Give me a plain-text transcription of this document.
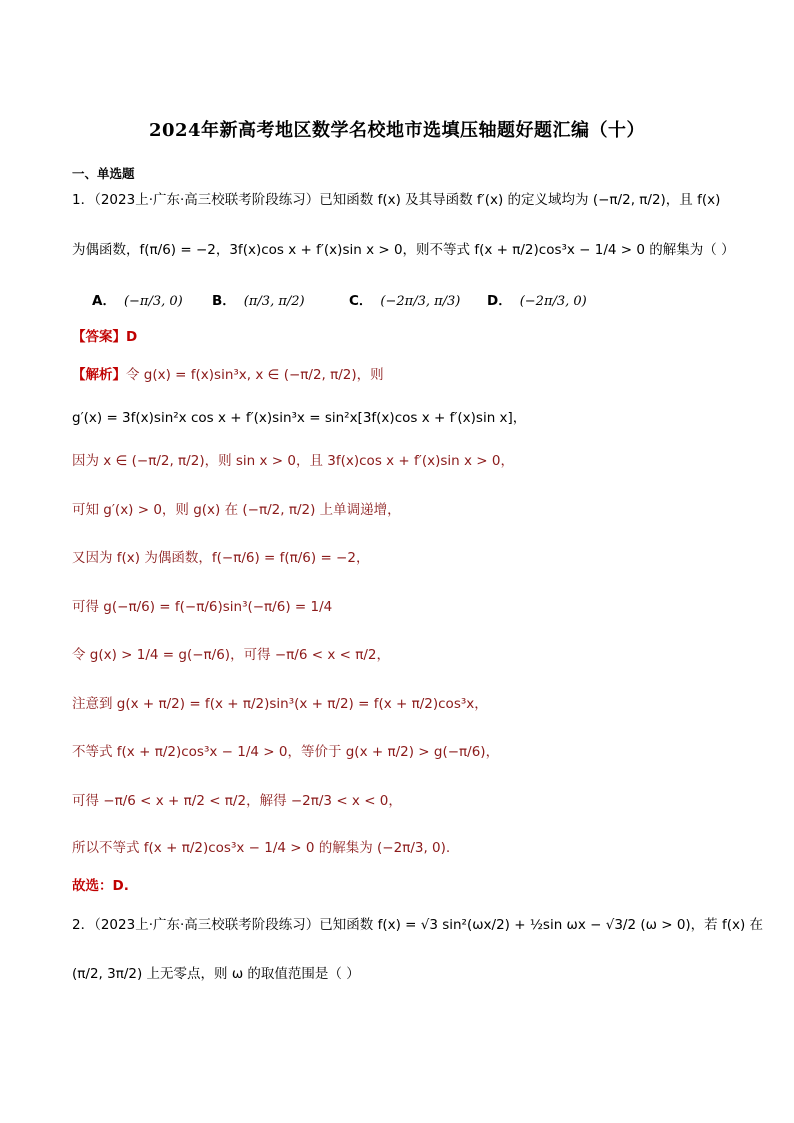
2024年新高考地区数学名校地市选填压轴题好题汇编（十）
一、单选题
1．（2023上·广东·高三校联考阶段练习）已知函数 f(x) 及其导函数 f′(x) 的定义域均为 (−π/2, π/2)，且 f(x)
为偶函数，f(π/6) = −2，3f(x)cos x + f′(x)sin x > 0，则不等式 f(x + π/2)cos³x − 1/4 > 0 的解集为（ ）
A． (−π/3, 0) B． (π/3, π/2)	C． (−2π/3, π/3) D． (−2π/3, 0)
【答案】D
【解析】令 g(x) = f(x)sin³x, x ∈ (−π/2, π/2)，则
g′(x) = 3f(x)sin²x cos x + f′(x)sin³x = sin²x[3f(x)cos x + f′(x)sin x]，
因为 x ∈ (−π/2, π/2)，则 sin x > 0，且 3f(x)cos x + f′(x)sin x > 0，
可知 g′(x) > 0，则 g(x) 在 (−π/2, π/2) 上单调递增，
又因为 f(x) 为偶函数，f(−π/6) = f(π/6) = −2，
可得 g(−π/6) = f(−π/6)sin³(−π/6) = 1/4
令 g(x) > 1/4 = g(−π/6)，可得 −π/6 < x < π/2，
注意到 g(x + π/2) = f(x + π/2)sin³(x + π/2) = f(x + π/2)cos³x，
不等式 f(x + π/2)cos³x − 1/4 > 0，等价于 g(x + π/2) > g(−π/6)，
可得 −π/6 < x + π/2 < π/2，解得 −2π/3 < x < 0，
所以不等式 f(x + π/2)cos³x − 1/4 > 0 的解集为 (−2π/3, 0).
故选：D.
2．（2023上·广东·高三校联考阶段练习）已知函数 f(x) = √3 sin²(ωx/2) + ½sin ωx − √3/2 (ω > 0)，若 f(x) 在
(π/2, 3π/2) 上无零点，则 ω 的取值范围是（ ）
